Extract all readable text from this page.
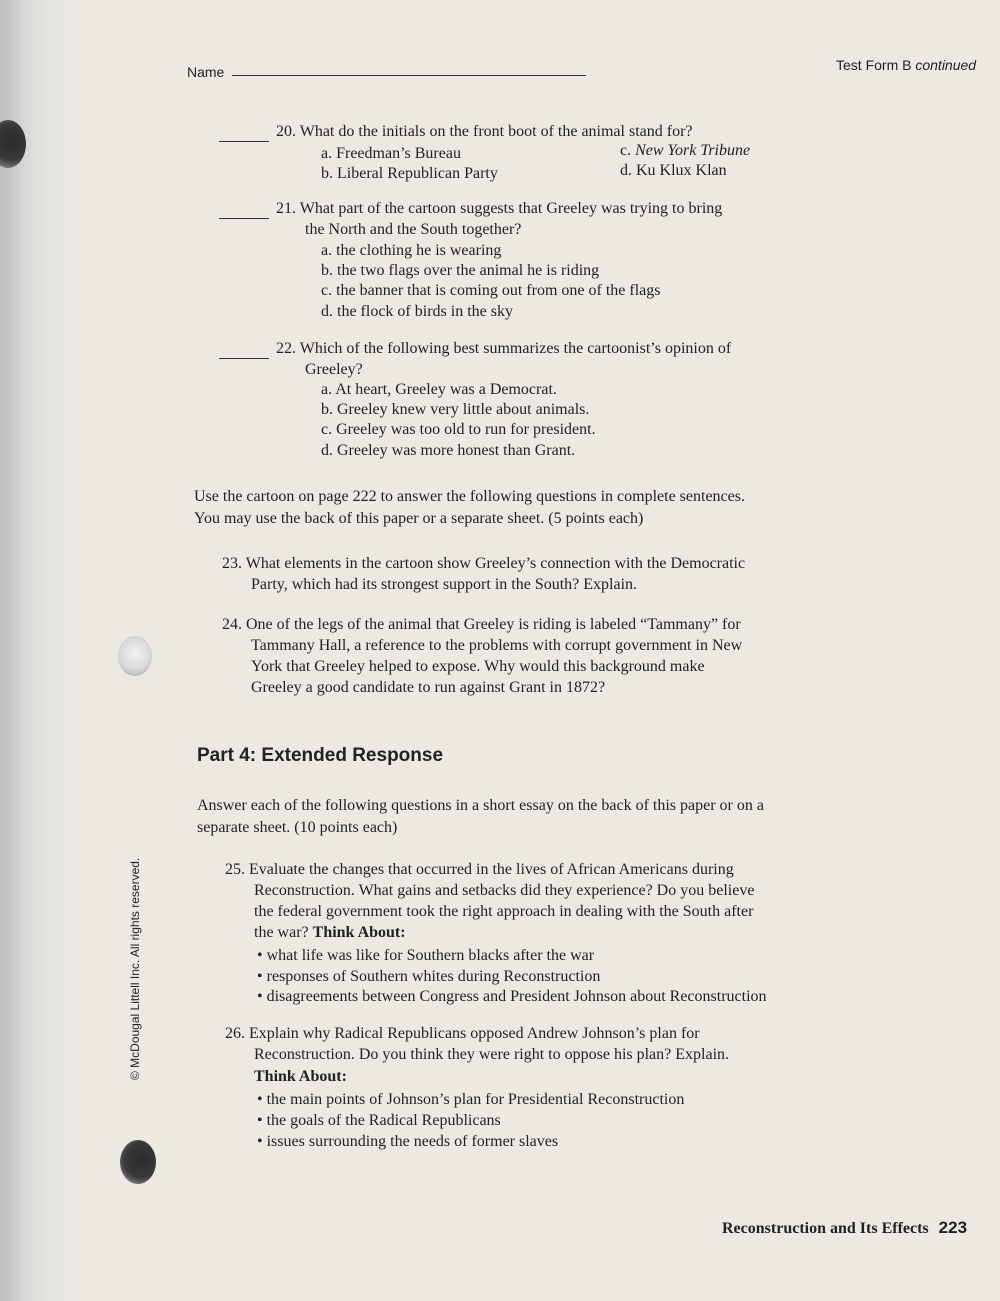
Name	Test Form B continued
20. What do the initials on the front boot of the animal stand for?
a. Freedman’s Bureau
b. Liberal Republican Party
c. New York Tribune
d. Ku Klux Klan
21. What part of the cartoon suggests that Greeley was trying to bring
the North and the South together?
a. the clothing he is wearing
b. the two flags over the animal he is riding
c. the banner that is coming out from one of the flags
d. the flock of birds in the sky
22. Which of the following best summarizes the cartoonist’s opinion of
Greeley?
a. At heart, Greeley was a Democrat.
b. Greeley knew very little about animals.
c. Greeley was too old to run for president.
d. Greeley was more honest than Grant.
Use the cartoon on page 222 to answer the following questions in complete sentences.
You may use the back of this paper or a separate sheet. (5 points each)
23. What elements in the cartoon show Greeley’s connection with the Democratic
Party, which had its strongest support in the South? Explain.
24. One of the legs of the animal that Greeley is riding is labeled “Tammany” for
Tammany Hall, a reference to the problems with corrupt government in New
York that Greeley helped to expose. Why would this background make
Greeley a good candidate to run against Grant in 1872?
Part 4: Extended Response
Answer each of the following questions in a short essay on the back of this paper or on a
separate sheet. (10 points each)
25. Evaluate the changes that occurred in the lives of African Americans during
Reconstruction. What gains and setbacks did they experience? Do you believe
the federal government took the right approach in dealing with the South after
the war? Think About:
• what life was like for Southern blacks after the war
• responses of Southern whites during Reconstruction
• disagreements between Congress and President Johnson about Reconstruction
26. Explain why Radical Republicans opposed Andrew Johnson’s plan for
Reconstruction. Do you think they were right to oppose his plan? Explain.
Think About:
• the main points of Johnson’s plan for Presidential Reconstruction
• the goals of the Radical Republicans
• issues surrounding the needs of former slaves
© McDougal Littell Inc. All rights reserved.
Reconstruction and Its Effects 223
